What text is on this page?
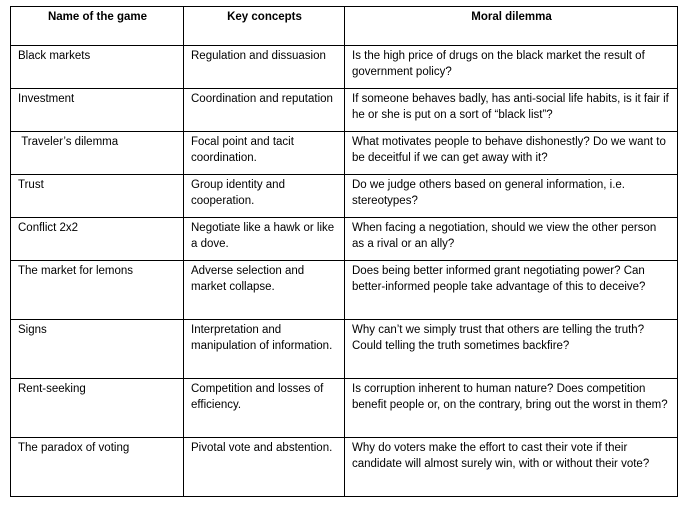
Name of the game	Key concepts	Moral dilemma
Black markets	Regulation and dissuasion	Is the high price of drugs on the black market the result of government policy?
Investment	Coordination and reputation	If someone behaves badly, has anti-social life habits, is it fair if he or she is put on a sort of “black list”?
Traveler’s dilemma	Focal point and tacit coordination.	What motivates people to behave dishonestly? Do we want to be deceitful if we can get away with it?
Trust	Group identity and cooperation.	Do we judge others based on general information, i.e. stereotypes?
Conflict 2x2	Negotiate like a hawk or like a dove.	When facing a negotiation, should we view the other person as a rival or an ally?
The market for lemons	Adverse selection and market collapse.	Does being better informed grant negotiating power? Can better-informed people take advantage of this to deceive?
Signs	Interpretation and manipulation of information.	Why can’t we simply trust that others are telling the truth? Could telling the truth sometimes backfire?
Rent-seeking	Competition and losses of efficiency.	Is corruption inherent to human nature? Does competition benefit people or, on the contrary, bring out the worst in them?
The paradox of voting	Pivotal vote and abstention.	Why do voters make the effort to cast their vote if their candidate will almost surely win, with or without their vote?
